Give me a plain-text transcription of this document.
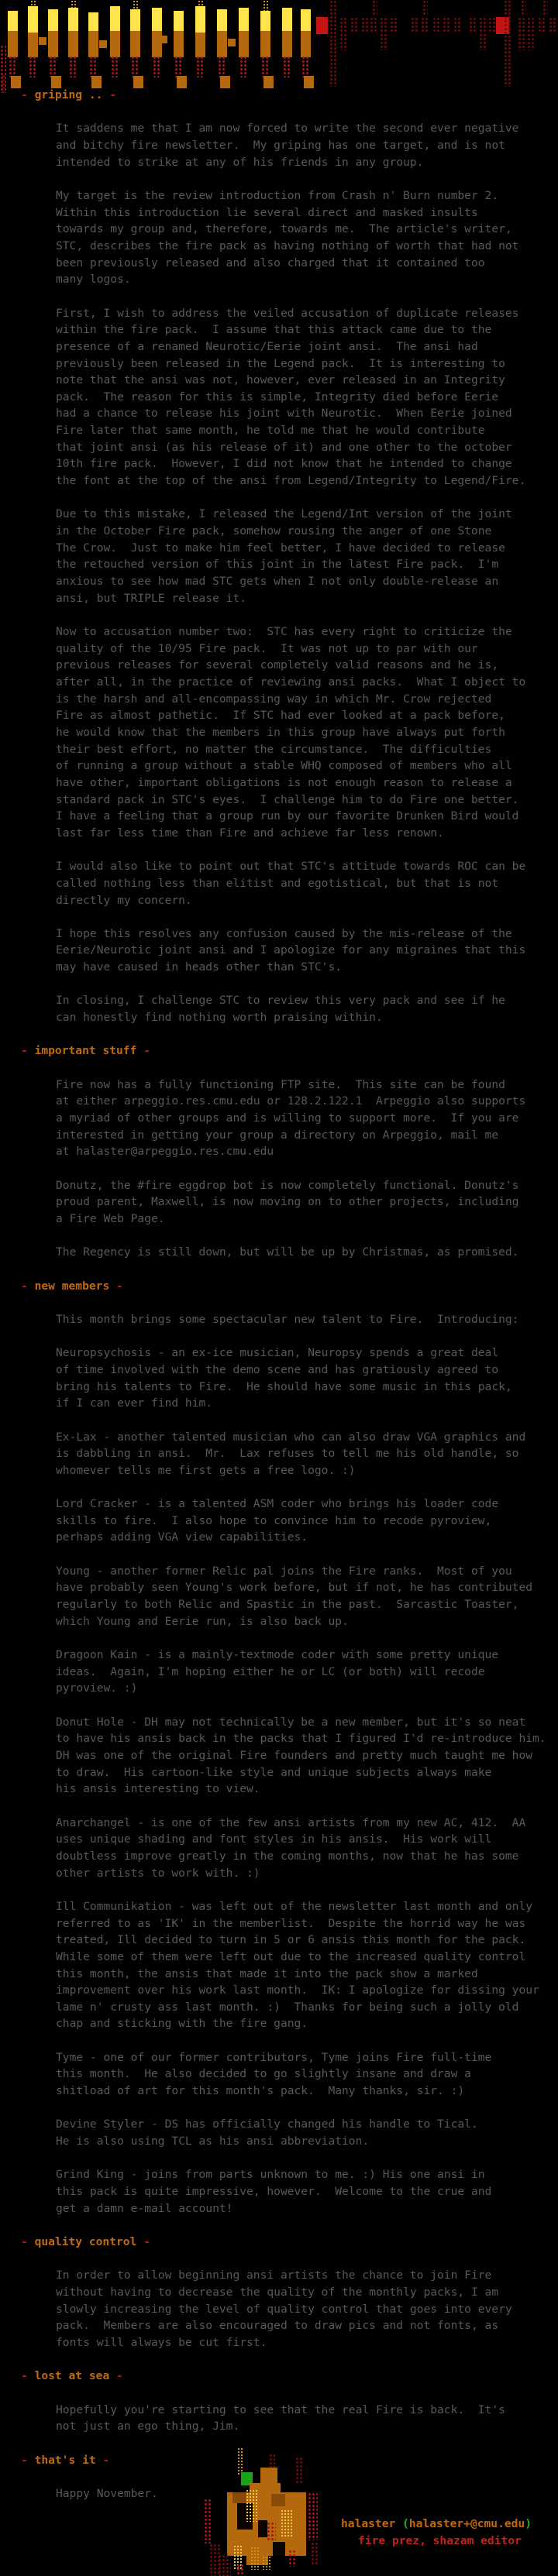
- griping .. -

It saddens me that I am now forced to write the second ever negative
and bitchy fire newsletter.  My griping has one target, and is not
intended to strike at any of his friends in any group.

My target is the review introduction from Crash n' Burn number 2.
Within this introduction lie several direct and masked insults
towards my group and, therefore, towards me.  The article's writer,
STC, describes the fire pack as having nothing of worth that had not
been previously released and also charged that it contained too
many logos.

First, I wish to address the veiled accusation of duplicate releases
within the fire pack.  I assume that this attack came due to the
presence of a renamed Neurotic/Eerie joint ansi.  The ansi had
previously been released in the Legend pack.  It is interesting to
note that the ansi was not, however, ever released in an Integrity
pack.  The reason for this is simple, Integrity died before Eerie
had a chance to release his joint with Neurotic.  When Eerie joined
Fire later that same month, he told me that he would contribute
that joint ansi (as his release of it) and one other to the october
10th fire pack.  However, I did not know that he intended to change
the font at the top of the ansi from Legend/Integrity to Legend/Fire.

Due to this mistake, I released the Legend/Int version of the joint
in the October Fire pack, somehow rousing the anger of one Stone
The Crow.  Just to make him feel better, I have decided to release
the retouched version of this joint in the latest Fire pack.  I'm
anxious to see how mad STC gets when I not only double-release an
ansi, but TRIPLE release it.

Now to accusation number two:  STC has every right to criticize the
quality of the 10/95 Fire pack.  It was not up to par with our
previous releases for several completely valid reasons and he is,
after all, in the practice of reviewing ansi packs.  What I object to
is the harsh and all-encompassing way in which Mr. Crow rejected
Fire as almost pathetic.  If STC had ever looked at a pack before,
he would know that the members in this group have always put forth
their best effort, no matter the circumstance.  The difficulties
of running a group without a stable WHQ composed of members who all
have other, important obligations is not enough reason to release a
standard pack in STC's eyes.  I challenge him to do Fire one better.
I have a feeling that a group run by our favorite Drunken Bird would
last far less time than Fire and achieve far less renown.

I would also like to point out that STC's attitude towards ROC can be
called nothing less than elitist and egotistical, but that is not
directly my concern.

I hope this resolves any confusion caused by the mis-release of the
Eerie/Neurotic joint ansi and I apologize for any migraines that this
may have caused in heads other than STC's.

In closing, I challenge STC to review this very pack and see if he
can honestly find nothing worth praising within.

- important stuff -

Fire now has a fully functioning FTP site.  This site can be found
at either arpeggio.res.cmu.edu or 128.2.122.1  Arpeggio also supports
a myriad of other groups and is willing to support more.  If you are
interested in getting your group a directory on Arpeggio, mail me
at halaster@arpeggio.res.cmu.edu

Donutz, the #fire eggdrop bot is now completely functional. Donutz's
proud parent, Maxwell, is now moving on to other projects, including
a Fire Web Page.

The Regency is still down, but will be up by Christmas, as promised.

- new members -

This month brings some spectacular new talent to Fire.  Introducing:

Neuropsychosis - an ex-ice musician, Neuropsy spends a great deal
of time involved with the demo scene and has gratiously agreed to
bring his talents to Fire.  He should have some music in this pack,
if I can ever find him.

Ex-Lax - another talented musician who can also draw VGA graphics and
is dabbling in ansi.  Mr.  Lax refuses to tell me his old handle, so
whomever tells me first gets a free logo. :)

Lord Cracker - is a talented ASM coder who brings his loader code
skills to fire.  I also hope to convince him to recode pyroview,
perhaps adding VGA view capabilities.

Young - another former Relic pal joins the Fire ranks.  Most of you
have probably seen Young's work before, but if not, he has contributed
regularly to both Relic and Spastic in the past.  Sarcastic Toaster,
which Young and Eerie run, is also back up.

Dragoon Kain - is a mainly-textmode coder with some pretty unique
ideas.  Again, I'm hoping either he or LC (or both) will recode
pyroview. :)

Donut Hole - DH may not technically be a new member, but it's so neat
to have his ansis back in the packs that I figured I'd re-introduce him.
DH was one of the original Fire founders and pretty much taught me how
to draw.  His cartoon-like style and unique subjects always make
his ansis interesting to view.

Anarchangel - is one of the few ansi artists from my new AC, 412.  AA
uses unique shading and font styles in his ansis.  His work will
doubtless improve greatly in the coming months, now that he has some
other artists to work with. :)

Ill Communikation - was left out of the newsletter last month and only
referred to as 'IK' in the memberlist.  Despite the horrid way he was
treated, Ill decided to turn in 5 or 6 ansis this month for the pack.
While some of them were left out due to the increased quality control
this month, the ansis that made it into the pack show a marked
improvement over his work last month.  IK: I apologize for dissing your
lame n' crusty ass last month. :)  Thanks for being such a jolly old
chap and sticking with the fire gang.

Tyme - one of our former contributors, Tyme joins Fire full-time
this month.  He also decided to go slightly insane and draw a
shitload of art for this month's pack.  Many thanks, sir. :)

Devine Styler - DS has officially changed his handle to Tical.
He is also using TCL as his ansi abbreviation.

Grind King - joins from parts unknown to me. :) His one ansi in
this pack is quite impressive, however.  Welcome to the crue and
get a damn e-mail account!

- quality control -

In order to allow beginning ansi artists the chance to join Fire
without having to decrease the quality of the monthly packs, I am
slowly increasing the level of quality control that goes into every
pack.  Members are also encouraged to draw pics and not fonts, as
fonts will always be cut first.

- lost at sea -

Hopefully you're starting to see that the real Fire is back.  It's
not just an ego thing, Jim.

- that's it -

Happy November.

halaster (halaster+@cmu.edu)
fire prez, shazam editor
